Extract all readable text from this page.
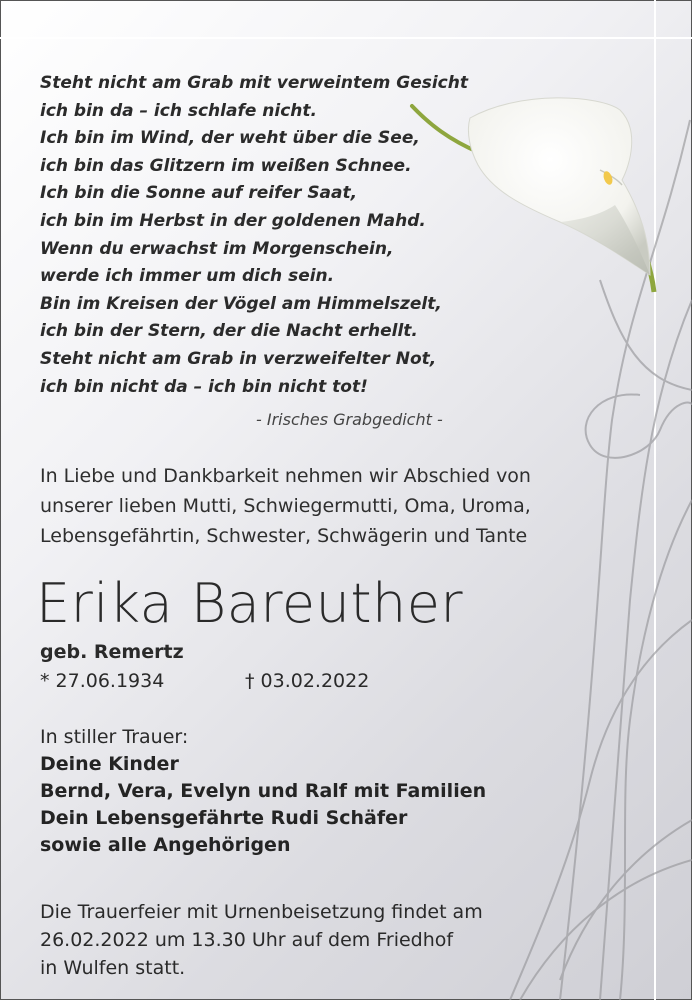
Steht nicht am Grab mit verweintem Gesicht
ich bin da – ich schlafe nicht.
Ich bin im Wind, der weht über die See,
ich bin das Glitzern im weißen Schnee.
Ich bin die Sonne auf reifer Saat,
ich bin im Herbst in der goldenen Mahd.
Wenn du erwachst im Morgenschein,
werde ich immer um dich sein.
Bin im Kreisen der Vögel am Himmelszelt,
ich bin der Stern, der die Nacht erhellt.
Steht nicht am Grab in verzweifelter Not,
ich bin nicht da – ich bin nicht tot!
- Irisches Grabgedicht -
In Liebe und Dankbarkeit nehmen wir Abschied von
unserer lieben Mutti, Schwiegermutti, Oma, Uroma,
Lebensgefährtin, Schwester, Schwägerin und Tante
Erika Bareuther
geb. Remertz
* 27.06.1934	† 03.02.2022
In stiller Trauer:
Deine Kinder
Bernd, Vera, Evelyn und Ralf mit Familien
Dein Lebensgefährte Rudi Schäfer
sowie alle Angehörigen
Die Trauerfeier mit Urnenbeisetzung findet am
26.02.2022 um 13.30 Uhr auf dem Friedhof
in Wulfen statt.
